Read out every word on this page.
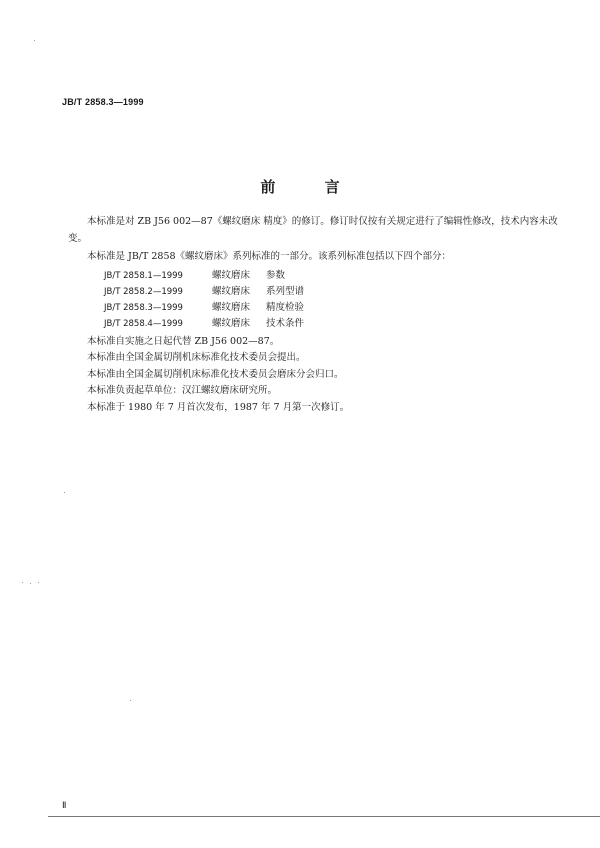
JB/T 2858.3—1999
前 言

本标准是对 ZB J56 002—87《螺纹磨床 精度》的修订。修订时仅按有关规定进行了编辑性修改，技术内容未改变。

本标准是 JB/T 2858《螺纹磨床》系列标准的一部分。该系列标准包括以下四个部分：

JB/T 2858.1—1999	螺纹磨床	参数
JB/T 2858.2—1999	螺纹磨床	系列型谱
JB/T 2858.3—1999	螺纹磨床	精度检验
JB/T 2858.4—1999	螺纹磨床	技术条件

本标准自实施之日起代替 ZB J56 002—87。

本标准由全国金属切削机床标准化技术委员会提出。

本标准由全国金属切削机床标准化技术委员会磨床分会归口。

本标准负责起草单位：汉江螺纹磨床研究所。

本标准于 1980 年 7 月首次发布，1987 年 7 月第一次修订。

Ⅱ
